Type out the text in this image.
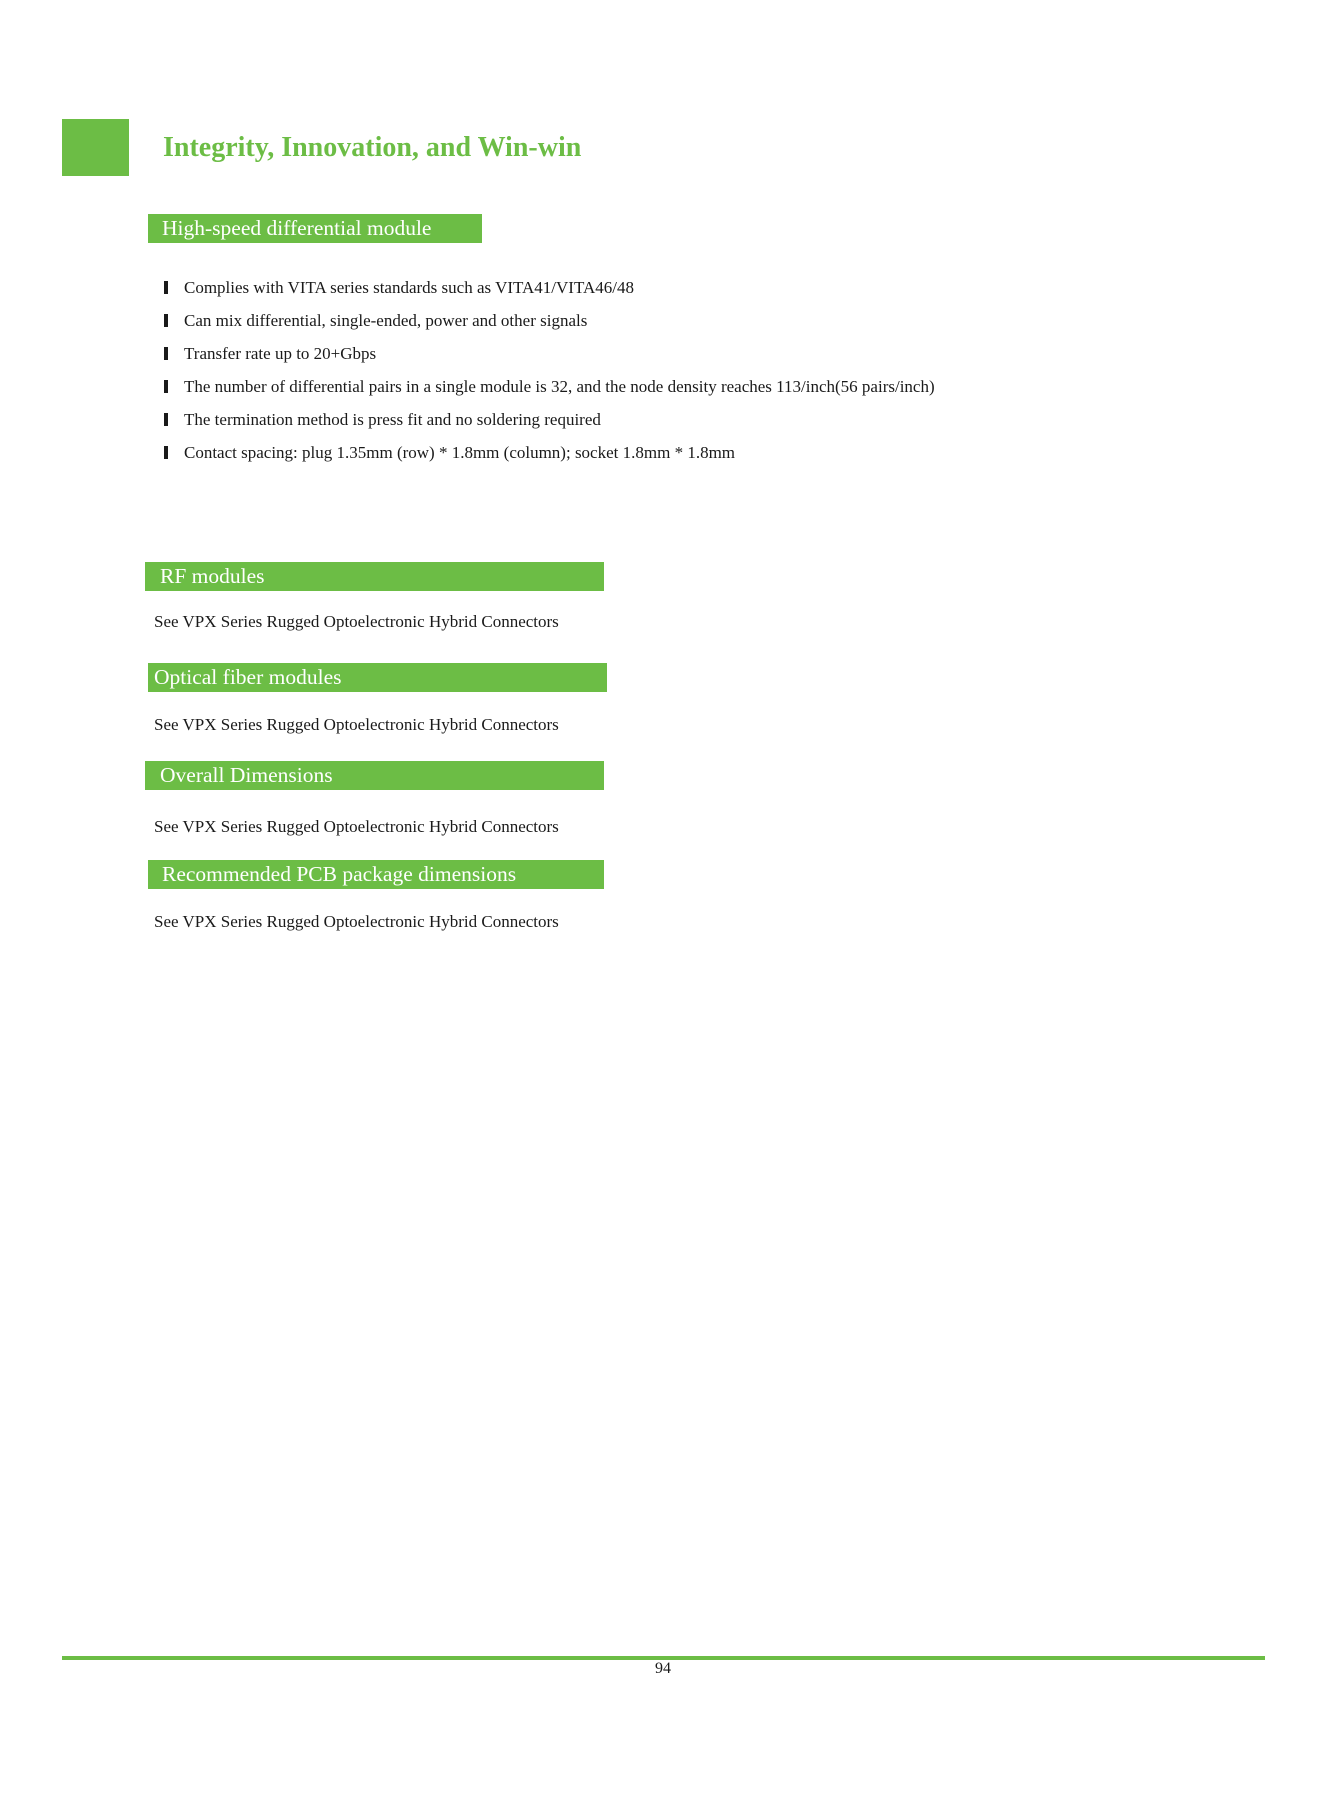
Integrity, Innovation, and Win-win
High-speed differential module
Complies with VITA series standards such as VITA41/VITA46/48
Can mix differential, single-ended, power and other signals
Transfer rate up to 20+Gbps
The number of differential pairs in a single module is 32, and the node density reaches 113/inch(56 pairs/inch)
The termination method is press fit and no soldering required
Contact spacing: plug 1.35mm (row) * 1.8mm (column); socket 1.8mm * 1.8mm
RF modules
See VPX Series Rugged Optoelectronic Hybrid Connectors
Optical fiber modules
See VPX Series Rugged Optoelectronic Hybrid Connectors
Overall Dimensions
See VPX Series Rugged Optoelectronic Hybrid Connectors
Recommended PCB package dimensions
See VPX Series Rugged Optoelectronic Hybrid Connectors
94
